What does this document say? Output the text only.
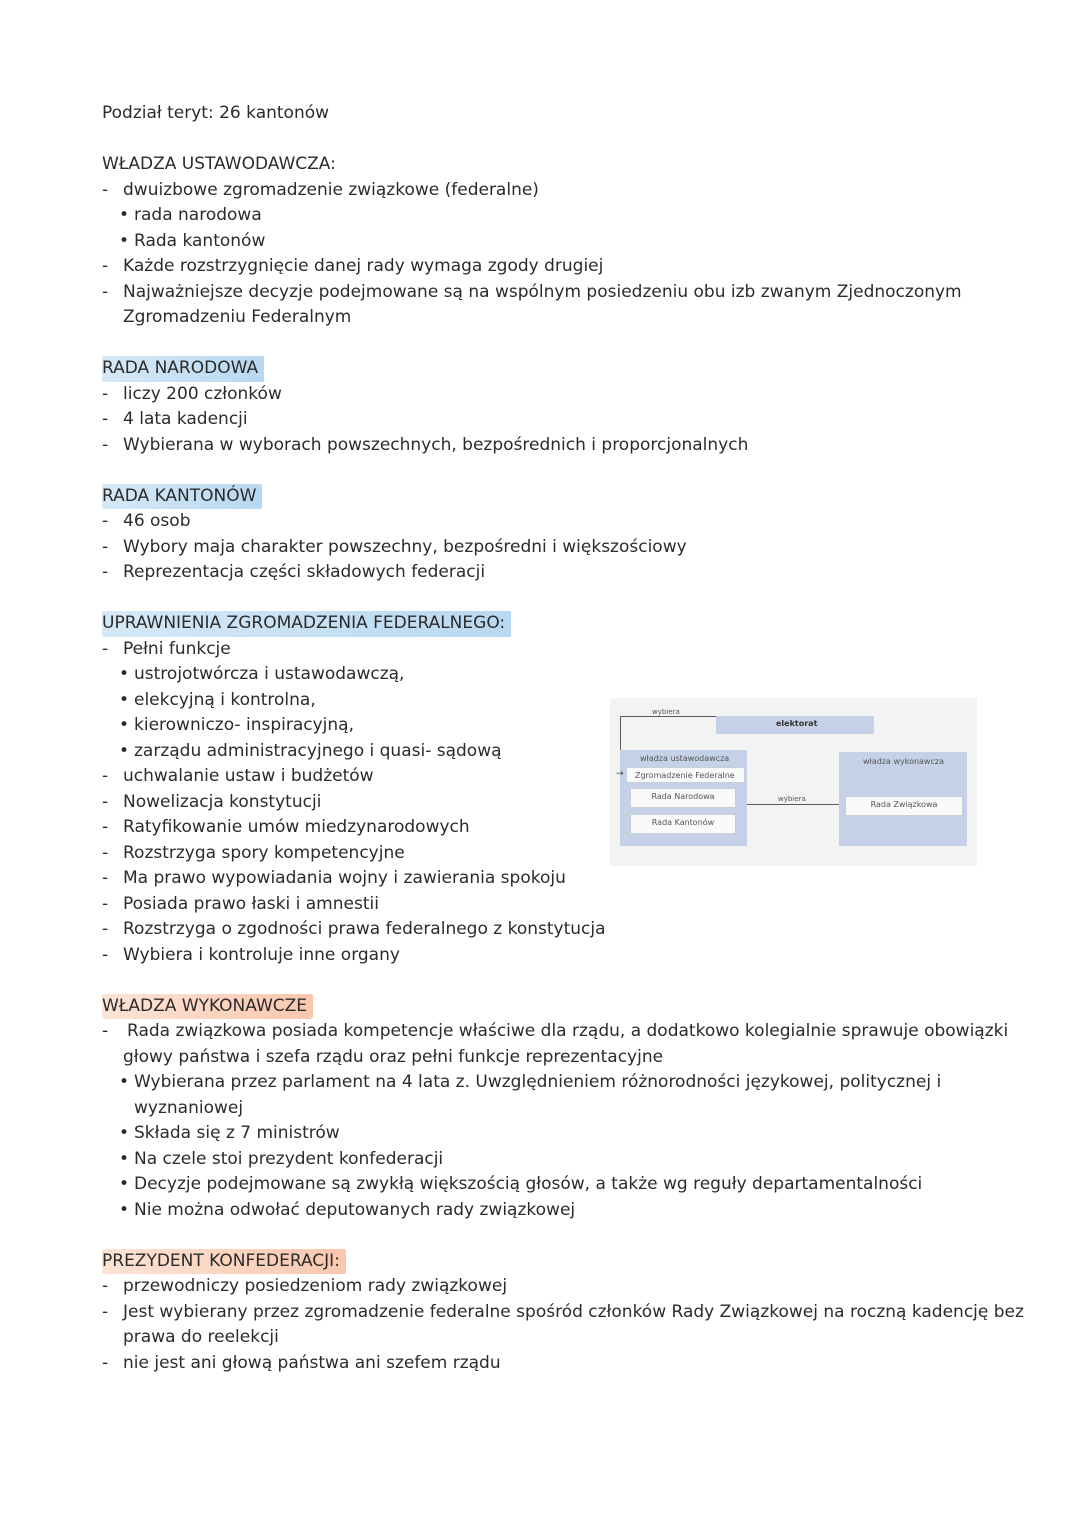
Podział teryt: 26 kantonów
WŁADZA USTAWODAWCZA:
- dwuizbowe zgromadzenie związkowe (federalne)
• rada narodowa
• Rada kantonów
- Każde rozstrzygnięcie danej rady wymaga zgody drugiej
- Najważniejsze decyzje podejmowane są na wspólnym posiedzeniu obu izb zwanym Zjednoczonym
Zgromadzeniu Federalnym
RADA NARODOWA
- liczy 200 członków
- 4 lata kadencji
- Wybierana w wyborach powszechnych, bezpośrednich i proporcjonalnych
RADA KANTONÓW
- 46 osob
- Wybory maja charakter powszechny, bezpośredni i większościowy
- Reprezentacja części składowych federacji
UPRAWNIENIA ZGROMADZENIA FEDERALNEGO:
- Pełni funkcje
• ustrojotwórcza i ustawodawczą,
• elekcyjną i kontrolna,
• kierowniczo- inspiracyjną,
• zarządu administracyjnego i quasi- sądową
- uchwalanie ustaw i budżetów
- Nowelizacja konstytucji
- Ratyfikowanie umów miedzynarodowych
- Rozstrzyga spory kompetencyjne
- Ma prawo wypowiadania wojny i zawierania spokoju
- Posiada prawo łaski i amnestii
- Rozstrzyga o zgodności prawa federalnego z konstytucja
- Wybiera i kontroluje inne organy
WŁADZA WYKONAWCZE
- Rada związkowa posiada kompetencje właściwe dla rządu, a dodatkowo kolegialnie sprawuje obowiązki
głowy państwa i szefa rządu oraz pełni funkcje reprezentacyjne
• Wybierana przez parlament na 4 lata z. Uwzględnieniem różnorodności językowej, politycznej i
wyznaniowej
• Składa się z 7 ministrów
• Na czele stoi prezydent konfederacji
• Decyzje podejmowane są zwykłą większością głosów, a także wg reguły departamentalności
• Nie można odwołać deputowanych rady związkowej
PREZYDENT KONFEDERACJI:
- przewodniczy posiedzeniom rady związkowej
- Jest wybierany przez zgromadzenie federalne spośród członków Rady Związkowej na roczną kadencję bez
prawa do reelekcji
- nie jest ani głową państwa ani szefem rządu
wybiera
elektorat
władza ustawodawcza
Zgromadzenie Federalne
→
Rada Narodowa
Rada Kantonów
wybiera
władza wykonawcza
Rada Związkowa
